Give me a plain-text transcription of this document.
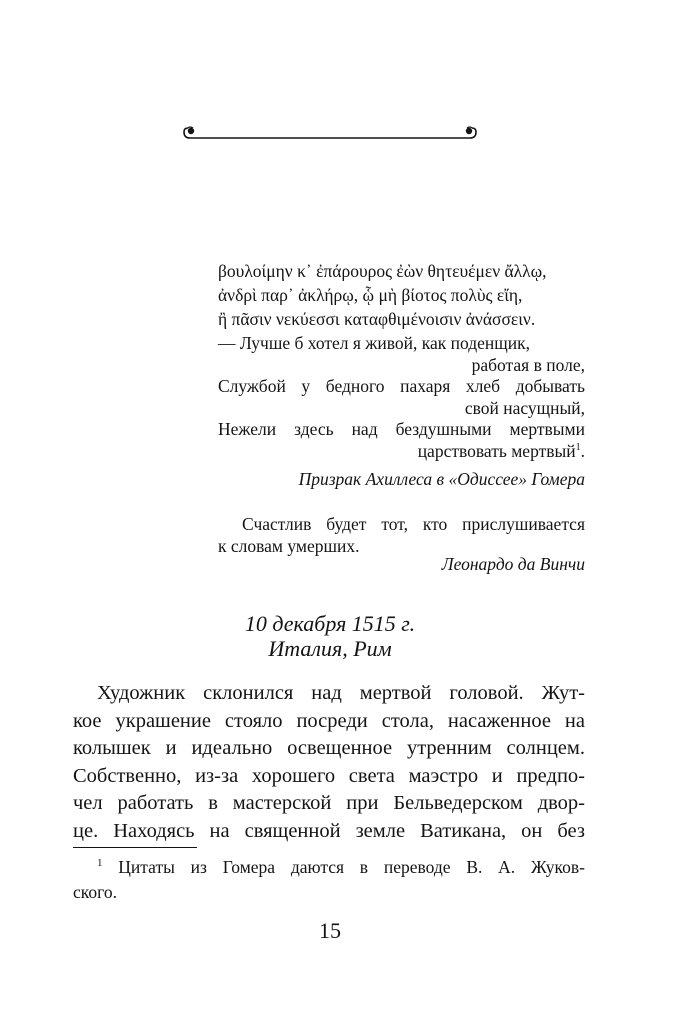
βουλοίμην κ᾽ ἐπάρουρος ἐὼν θητευέμεν ἄλλῳ,
ἀνδρὶ παρ᾽ ἀκλήρῳ, ᾧ μὴ βίοτος πολὺς εἴη,
ἢ πᾶσιν νεκύεσσι καταφθιμένοισιν ἀνάσσειν.
— Лучше б хотел я живой, как поденщик,
работая в поле,
Службой у бедного пахаря хлеб добывать
свой насущный,
Нежели здесь над бездушными мертвыми
царствовать мертвый$^1$.
Призрак Ахиллеса в «Одиссее» Гомера
Счастлив будет тот, кто прислушивается
к словам умерших.
Леонардо да Винчи
10 декабря 1515 г.
Италия, Рим
Художник склонился над мертвой головой. Жут-
кое украшение стояло посреди стола, насаженное на
колышек и идеально освещенное утренним солнцем.
Собственно, из-за хорошего света маэстро и предпо-
чел работать в мастерской при Бельведерском двор-
це. Находясь на священной земле Ватикана, он без
$^1$ Цитаты из Гомера даются в переводе В. А. Жуков-
ского.
15
